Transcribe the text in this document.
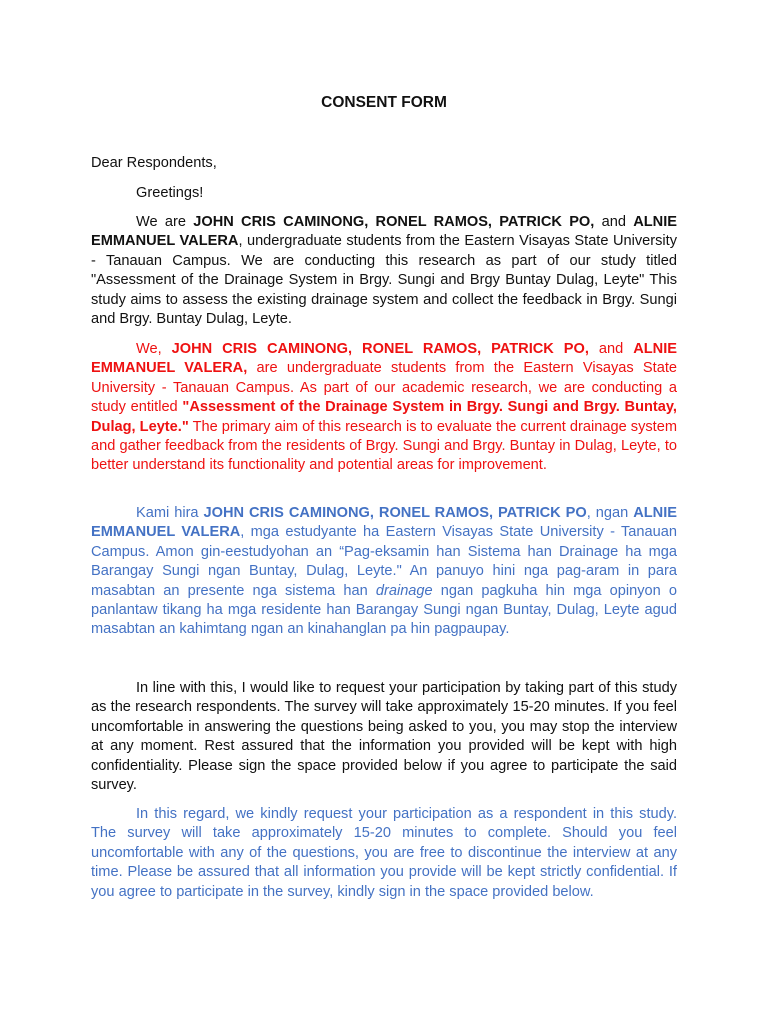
CONSENT FORM

Dear Respondents,

Greetings!

We are JOHN CRIS CAMINONG, RONEL RAMOS, PATRICK PO, and ALNIE EMMANUEL VALERA, undergraduate students from the Eastern Visayas State University - Tanauan Campus. We are conducting this research as part of our study titled "Assessment of the Drainage System in Brgy. Sungi and Brgy Buntay Dulag, Leyte" This study aims to assess the existing drainage system and collect the feedback in Brgy. Sungi and Brgy. Buntay Dulag, Leyte.

We, JOHN CRIS CAMINONG, RONEL RAMOS, PATRICK PO, and ALNIE EMMANUEL VALERA, are undergraduate students from the Eastern Visayas State University - Tanauan Campus. As part of our academic research, we are conducting a study entitled "Assessment of the Drainage System in Brgy. Sungi and Brgy. Buntay, Dulag, Leyte." The primary aim of this research is to evaluate the current drainage system and gather feedback from the residents of Brgy. Sungi and Brgy. Buntay in Dulag, Leyte, to better understand its functionality and potential areas for improvement.

Kami hira JOHN CRIS CAMINONG, RONEL RAMOS, PATRICK PO, ngan ALNIE EMMANUEL VALERA, mga estudyante ha Eastern Visayas State University - Tanauan Campus. Amon gin-eestudyohan an “Pag-eksamin han Sistema han Drainage ha mga Barangay Sungi ngan Buntay, Dulag, Leyte." An panuyo hini nga pag-aram in para masabtan an presente nga sistema han drainage ngan pagkuha hin mga opinyon o panlantaw tikang ha mga residente han Barangay Sungi ngan Buntay, Dulag, Leyte agud masabtan an kahimtang ngan an kinahanglan pa hin pagpaupay.

In line with this, I would like to request your participation by taking part of this study as the research respondents. The survey will take approximately 15-20 minutes. If you feel uncomfortable in answering the questions being asked to you, you may stop the interview at any moment. Rest assured that the information you provided will be kept with high confidentiality. Please sign the space provided below if you agree to participate the said survey.

In this regard, we kindly request your participation as a respondent in this study. The survey will take approximately 15-20 minutes to complete. Should you feel uncomfortable with any of the questions, you are free to discontinue the interview at any time. Please be assured that all information you provide will be kept strictly confidential. If you agree to participate in the survey, kindly sign in the space provided below.
